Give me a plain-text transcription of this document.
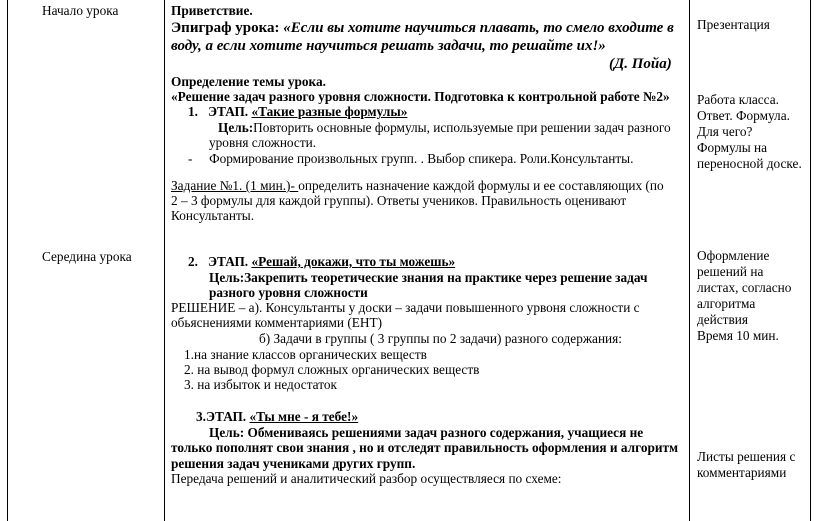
Начало урока
Середина урока
Приветствие.
Эпиграф урока: «Если вы хотите научиться плавать, то смело входите в
воду, а если хотите научиться решать задачи, то решайте их!»
(Д. Пойа)
Определение темы урока.
«Решение задач разного уровня сложности. Подготовка к контрольной работе №2»
1. ЭТАП. «Такие разные формулы»
Цель:Повторить основные формулы, используемые при решении задач разного
уровня сложности.
- Формирование произвольных групп. . Выбор спикера. Роли.Консультанты.
Задание №1. (1 мин.)- определить назначение каждой формулы и ее составляющих (по
2 – 3 формулы для каждой группы). Ответы учеников. Правильность оценивают
Консультанты.
2. ЭТАП. «Решай, докажи, что ты можешь»
Цель:Закрепить теоретические знания на практике через решение задач
разного уровня сложности
РЕШЕНИЕ – а). Консультанты у доски – задачи повышенного урвоня сложности с
обьяснениями комментариями (ЕНТ)
б) Задачи в группы ( 3 группы по 2 задачи) разного содержания:
1.на знание классов органических веществ
2. на вывод формул сложных органических веществ
3. на избыток и недостаток
3.ЭТАП. «Ты мне - я тебе!»
Цель: Обмениваясь решениями задач разного содержания, учащиеся не
только пополнят свои знания , но и отследят правильность оформления и алгоритм
решения задач учениками других групп.
Передача решений и аналитический разбор осуществляеся по схеме:
Презентация

Работа класса.

Ответ. Формула.

Для чего?

Формулы на

переносной доске.

Оформление

решений на

листах, согласно

алгоритма

действия

Время 10 мин.

Листы решения с

комментариями
